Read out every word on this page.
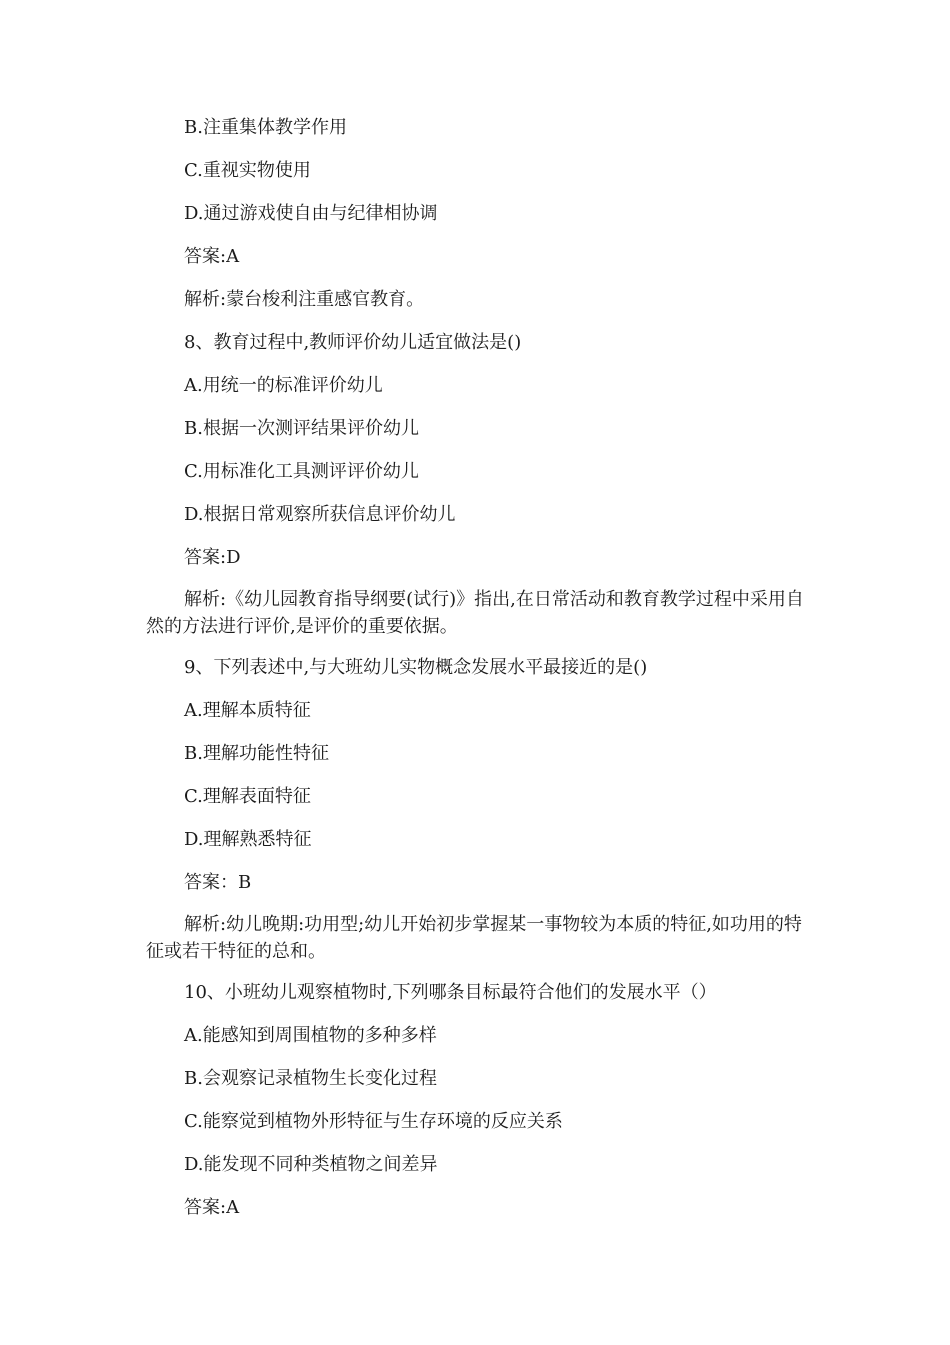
B.注重集体教学作用
C.重视实物使用
D.通过游戏使自由与纪律相协调
答案:A
解析:蒙台梭利注重感官教育。
8、教育过程中,教师评价幼儿适宜做法是()
A.用统一的标准评价幼儿
B.根据一次测评结果评价幼儿
C.用标准化工具测评评价幼儿
D.根据日常观察所获信息评价幼儿
答案:D
解析:《幼儿园教育指导纲要(试行)》指出,在日常活动和教育教学过程中采用自然的方法进行评价,是评价的重要依据。
9、下列表述中,与大班幼儿实物概念发展水平最接近的是()
A.理解本质特征
B.理解功能性特征
C.理解表面特征
D.理解熟悉特征
答案：B
解析:幼儿晚期:功用型;幼儿开始初步掌握某一事物较为本质的特征,如功用的特征或若干特征的总和。
10、小班幼儿观察植物时,下列哪条目标最符合他们的发展水平（）
A.能感知到周围植物的多种多样
B.会观察记录植物生长变化过程
C.能察觉到植物外形特征与生存环境的反应关系
D.能发现不同种类植物之间差异
答案:A
